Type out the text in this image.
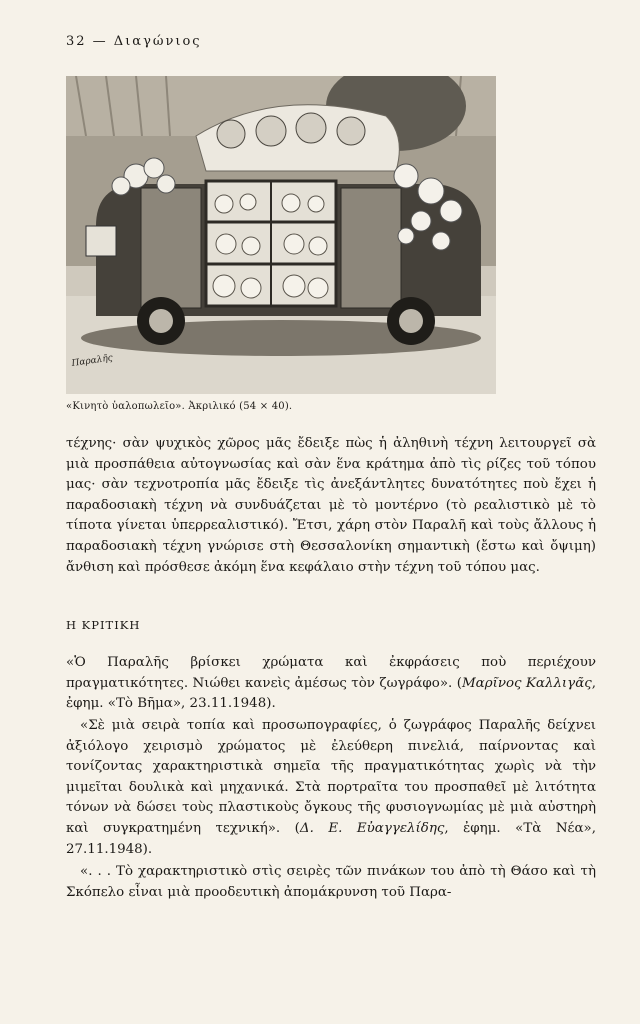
32 — Διαγώνιος
Παραλῆς
«Κινητὸ ὑαλοπωλεῖο». Ἀκριλικό (54 × 40).
τέχνης· σὰν ψυχικὸς χῶρος μᾶς ἔδειξε πὼς ἡ ἀληθινὴ τέχνη λειτουργεῖ σὰ μιὰ προσπάθεια αὐτογνωσίας καὶ σὰν ἕνα κράτημα ἀπὸ τὶς ρίζες τοῦ τόπου μας· σὰν τεχνοτροπία μᾶς ἔδειξε τὶς ἀνεξάντλητες δυνατότητες ποὺ ἔχει ἡ παραδοσιακὴ τέχνη νὰ συνδυάζεται μὲ τὸ μοντέρνο (τὸ ρεαλιστικὸ μὲ τὸ τίποτα γίνεται ὑπερρεαλιστικό). Ἔτσι, χάρη στὸν Παραλῆ καὶ τοὺς ἄλλους ἡ παραδοσιακὴ τέχνη γνώρισε στὴ Θεσσαλονίκη σημαντικὴ (ἔστω καὶ ὄψιμη) ἄνθιση καὶ πρόσθεσε ἀκόμη ἕνα κεφάλαιο στὴν τέχνη τοῦ τόπου μας.
Η ΚΡΙΤΙΚΗ

«Ὁ Παραλῆς βρίσκει χρώματα καὶ ἐκφράσεις ποὺ περιέχουν πραγματικότητες. Νιώθει κανεὶς ἀμέσως τὸν ζωγράφο». (Μαρῖνος Καλλιγᾶς, ἐφημ. «Τὸ Βῆμα», 23.11.1948).

«Σὲ μιὰ σειρὰ τοπία καὶ προσωπογραφίες, ὁ ζωγράφος Παραλῆς δείχνει ἀξιόλογο χειρισμὸ χρώματος μὲ ἐλεύθερη πινελιά, παίρνοντας καὶ τονίζοντας χαρακτηριστικὰ σημεῖα τῆς πραγματικότητας χωρὶς νὰ τὴν μιμεῖται δουλικὰ καὶ μηχανικά. Στὰ πορτραῖτα του προσπαθεῖ μὲ λιτότητα τόνων νὰ δώσει τοὺς πλαστικοὺς ὄγκους τῆς φυσιογνωμίας μὲ μιὰ αὐστηρὴ καὶ συγκρατημένη τεχνική». (Δ. Ε. Εὐαγγελίδης, ἐφημ. «Τὰ Νέα», 27.11.1948).

«. . . Τὸ χαρακτηριστικὸ στὶς σειρὲς τῶν πινάκων του ἀπὸ τὴ Θάσο καὶ τὴ Σκόπελο εἶναι μιὰ προοδευτικὴ ἀπομάκρυνση τοῦ Παρα-
